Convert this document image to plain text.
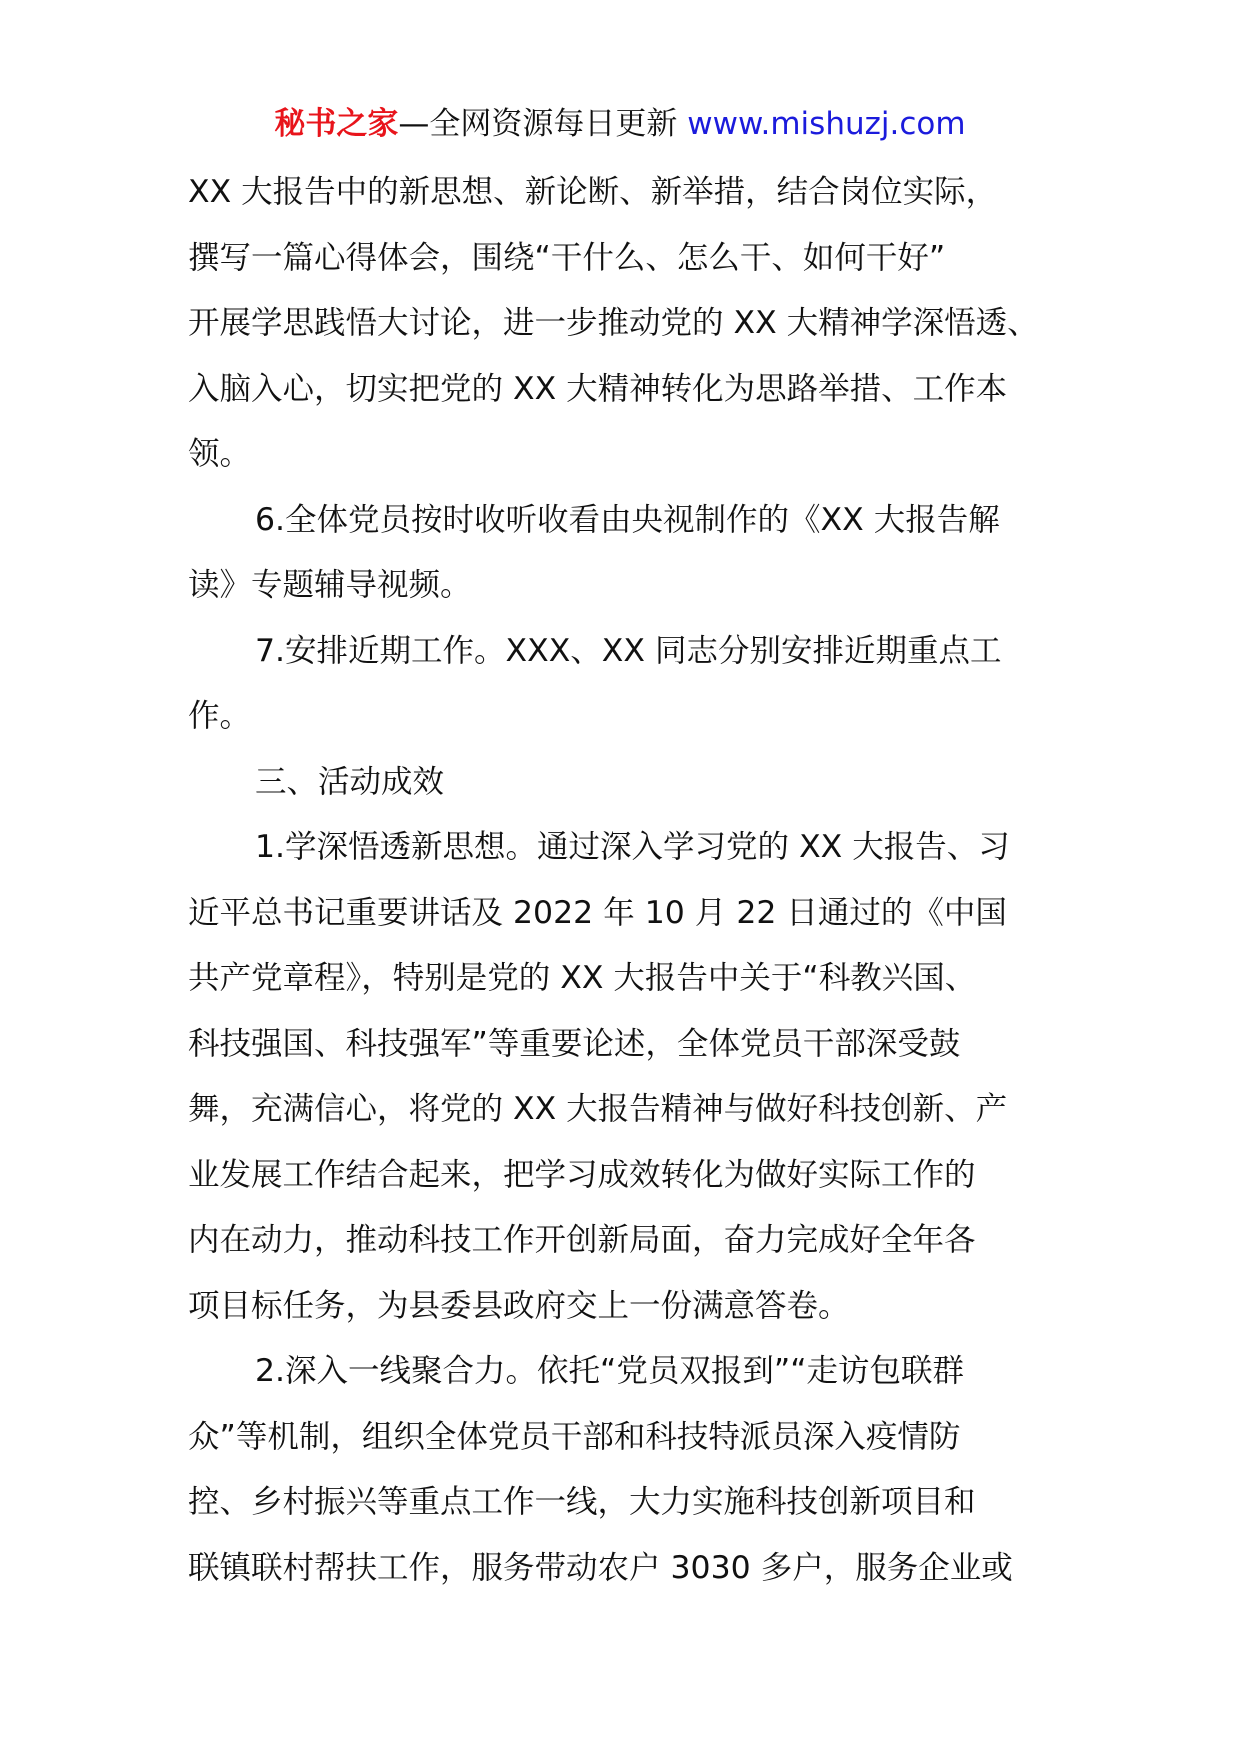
秘书之家—全网资源每日更新 www.mishuzj.com
XX 大报告中的新思想、新论断、新举措，结合岗位实际，
撰写一篇心得体会，围绕“干什么、怎么干、如何干好”
开展学思践悟大讨论，进一步推动党的 XX 大精神学深悟透、
入脑入心，切实把党的 XX 大精神转化为思路举措、工作本
领。
6.全体党员按时收听收看由央视制作的《XX 大报告解
读》专题辅导视频。
7.安排近期工作。XXX、XX 同志分别安排近期重点工
作。
三、活动成效
1.学深悟透新思想。通过深入学习党的 XX 大报告、习
近平总书记重要讲话及 2022 年 10 月 22 日通过的《中国
共产党章程》，特别是党的 XX 大报告中关于“科教兴国、
科技强国、科技强军”等重要论述，全体党员干部深受鼓
舞，充满信心，将党的 XX 大报告精神与做好科技创新、产
业发展工作结合起来，把学习成效转化为做好实际工作的
内在动力，推动科技工作开创新局面，奋力完成好全年各
项目标任务，为县委县政府交上一份满意答卷。
2.深入一线聚合力。依托“党员双报到”“走访包联群
众”等机制，组织全体党员干部和科技特派员深入疫情防
控、乡村振兴等重点工作一线，大力实施科技创新项目和
联镇联村帮扶工作，服务带动农户 3030 多户，服务企业或
